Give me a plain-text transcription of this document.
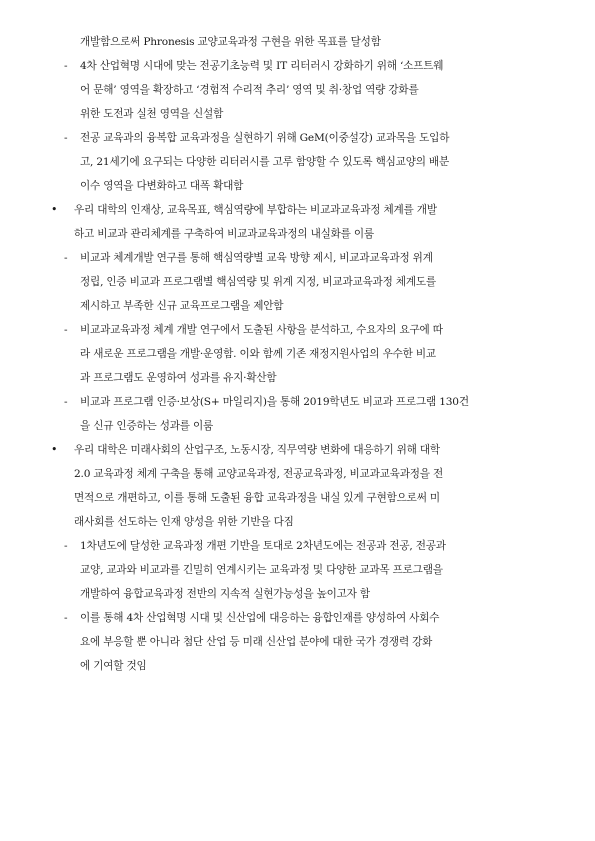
개발함으로써 Phronesis 교양교육과정 구현을 위한 목표를 달성함
- 4차 산업혁명 시대에 맞는 전공기초능력 및 IT 리터러시 강화하기 위해 ‘소프트웨
어 문해’ 영역을 확장하고 ‘경험적 수리적 추리’ 영역 및 취·창업 역량 강화를
위한 도전과 실천 영역을 신설함
- 전공 교육과의 융복합 교육과정을 실현하기 위해 GeM(이중설강) 교과목을 도입하
고, 21세기에 요구되는 다양한 리터러시를 고루 함양할 수 있도록 핵심교양의 배분
이수 영역을 다변화하고 대폭 확대함
• 우리 대학의 인재상, 교육목표, 핵심역량에 부합하는 비교과교육과정 체계를 개발
하고 비교과 관리체계를 구축하여 비교과교육과정의 내실화를 이룸
- 비교과 체계개발 연구를 통해 핵심역량별 교육 방향 제시, 비교과교육과정 위계
정립, 인증 비교과 프로그램별 핵심역량 및 위계 지정, 비교과교육과정 체계도를
제시하고 부족한 신규 교육프로그램을 제안함
- 비교과교육과정 체계 개발 연구에서 도출된 사항을 분석하고, 수요자의 요구에 따
라 새로운 프로그램을 개발·운영함. 이와 함께 기존 재정지원사업의 우수한 비교
과 프로그램도 운영하여 성과를 유지·확산함
- 비교과 프로그램 인증·보상(S+ 마일리지)을 통해 2019학년도 비교과 프로그램 130건
을 신규 인증하는 성과를 이룸
• 우리 대학은 미래사회의 산업구조, 노동시장, 직무역량 변화에 대응하기 위해 대학
2.0 교육과정 체계 구축을 통해 교양교육과정, 전공교육과정, 비교과교육과정을 전
면적으로 개편하고, 이를 통해 도출된 융합 교육과정을 내실 있게 구현함으로써 미
래사회를 선도하는 인재 양성을 위한 기반을 다짐
- 1차년도에 달성한 교육과정 개편 기반을 토대로 2차년도에는 전공과 전공, 전공과
교양, 교과와 비교과를 긴밀히 연계시키는 교육과정 및 다양한 교과목 프로그램을
개발하여 융합교육과정 전반의 지속적 실현가능성을 높이고자 함
- 이를 통해 4차 산업혁명 시대 및 신산업에 대응하는 융합인재를 양성하여 사회수
요에 부응할 뿐 아니라 첨단 산업 등 미래 신산업 분야에 대한 국가 경쟁력 강화
에 기여할 것임
